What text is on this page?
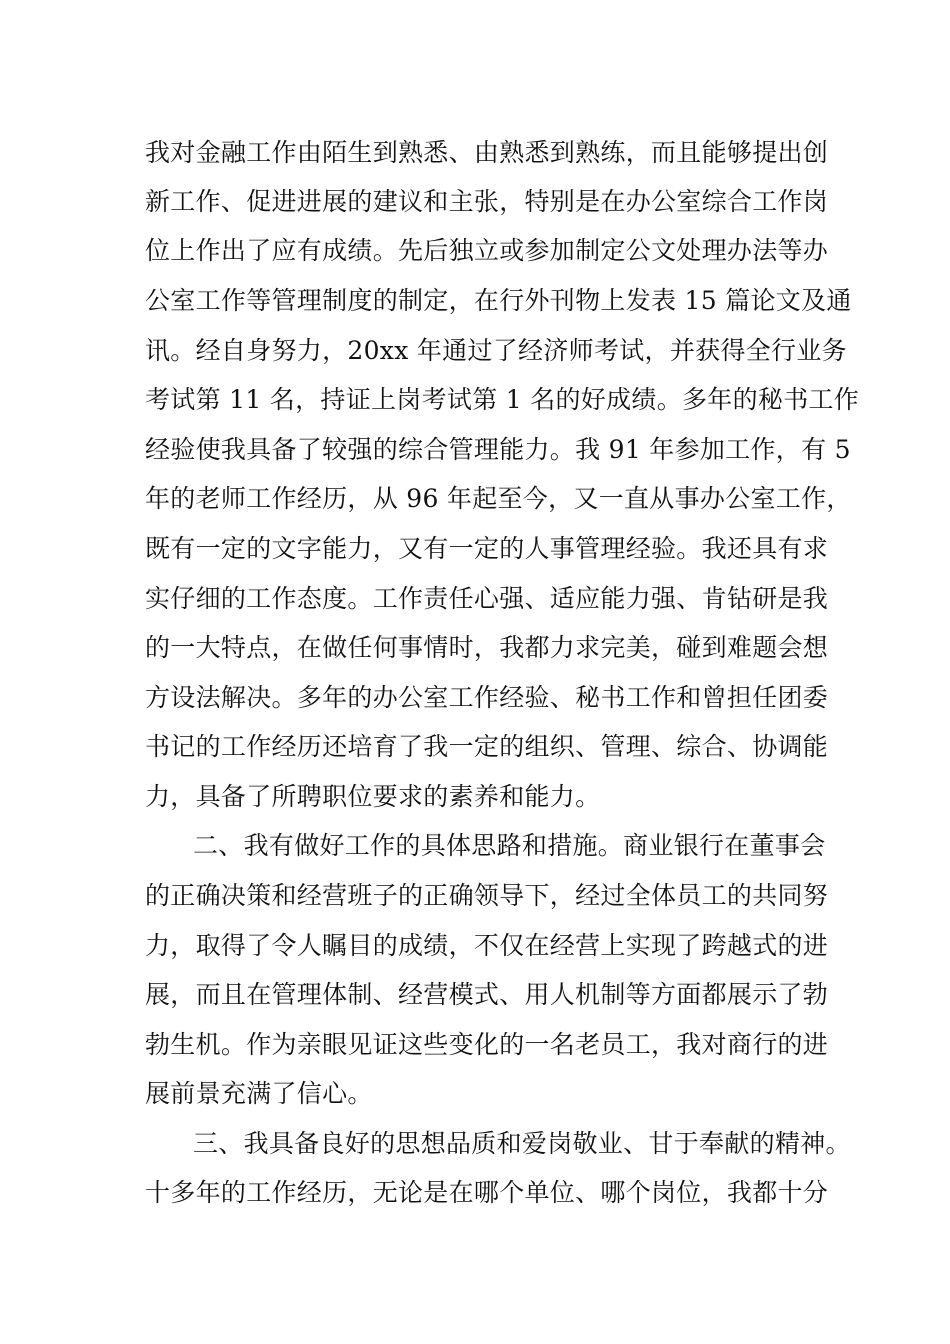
我对金融工作由陌生到熟悉、由熟悉到熟练，而且能够提出创
新工作、促进进展的建议和主张，特别是在办公室综合工作岗
位上作出了应有成绩。先后独立或参加制定公文处理办法等办
公室工作等管理制度的制定，在行外刊物上发表 15 篇论文及通
讯。经自身努力，20xx 年通过了经济师考试，并获得全行业务
考试第 11 名，持证上岗考试第 1 名的好成绩。多年的秘书工作
经验使我具备了较强的综合管理能力。我 91 年参加工作，有 5
年的老师工作经历，从 96 年起至今，又一直从事办公室工作，
既有一定的文字能力，又有一定的人事管理经验。我还具有求
实仔细的工作态度。工作责任心强、适应能力强、肯钻研是我
的一大特点，在做任何事情时，我都力求完美，碰到难题会想
方设法解决。多年的办公室工作经验、秘书工作和曾担任团委
书记的工作经历还培育了我一定的组织、管理、综合、协调能
力，具备了所聘职位要求的素养和能力。
二、我有做好工作的具体思路和措施。商业银行在董事会
的正确决策和经营班子的正确领导下，经过全体员工的共同努
力，取得了令人瞩目的成绩，不仅在经营上实现了跨越式的进
展，而且在管理体制、经营模式、用人机制等方面都展示了勃
勃生机。作为亲眼见证这些变化的一名老员工，我对商行的进
展前景充满了信心。
三、我具备良好的思想品质和爱岗敬业、甘于奉献的精神。
十多年的工作经历，无论是在哪个单位、哪个岗位，我都十分
